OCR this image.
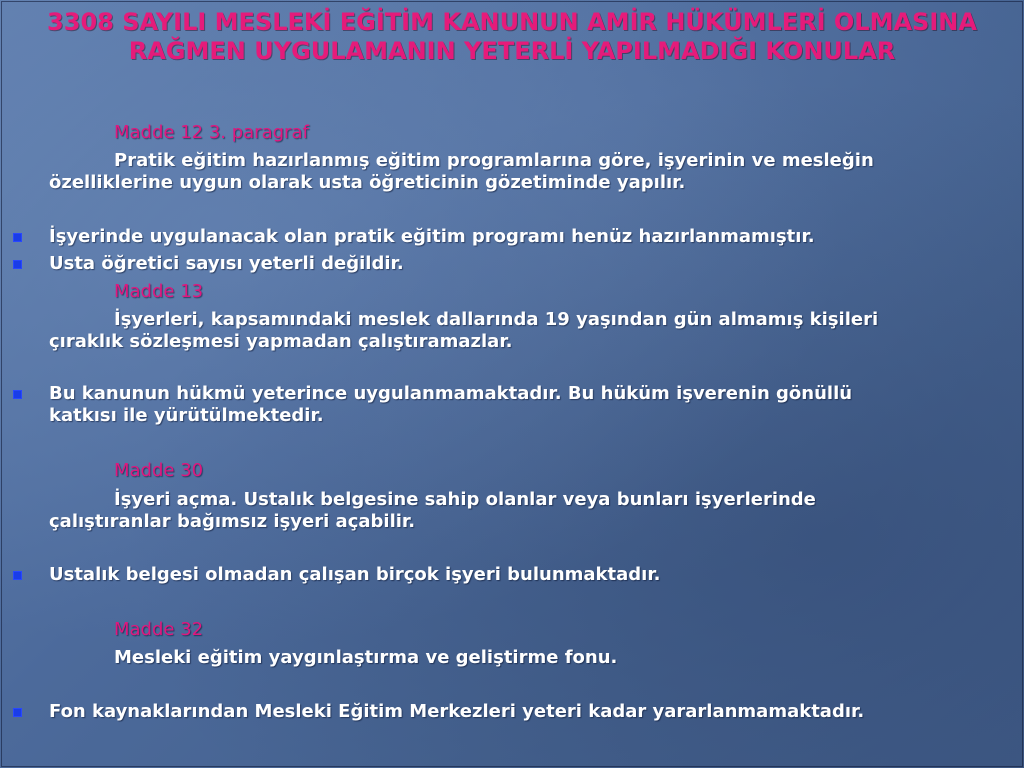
3308 SAYILI MESLEKİ EĞİTİM KANUNUN AMİR HÜKÜMLERİ OLMASINA RAĞMEN UYGULAMANIN YETERLİ YAPILMADIĞI KONULAR
Madde 12 3. paragraf
Pratik eğitim hazırlanmış eğitim programlarına göre, işyerinin ve mesleğin
özelliklerine uygun olarak usta öğreticinin gözetiminde yapılır.
İşyerinde uygulanacak olan pratik eğitim programı henüz hazırlanmamıştır.
Usta öğretici sayısı yeterli değildir.
Madde 13
İşyerleri, kapsamındaki meslek dallarında 19 yaşından gün almamış kişileri
çıraklık sözleşmesi yapmadan çalıştıramazlar.
Bu kanunun hükmü yeterince uygulanmamaktadır. Bu hüküm işverenin gönüllü
katkısı ile yürütülmektedir.
Madde 30
İşyeri açma. Ustalık belgesine sahip olanlar veya bunları işyerlerinde
çalıştıranlar bağımsız işyeri açabilir.
Ustalık belgesi olmadan çalışan birçok işyeri bulunmaktadır.
Madde 32
Mesleki eğitim yaygınlaştırma ve geliştirme fonu.
Fon kaynaklarından Mesleki Eğitim Merkezleri yeteri kadar yararlanmamaktadır.
